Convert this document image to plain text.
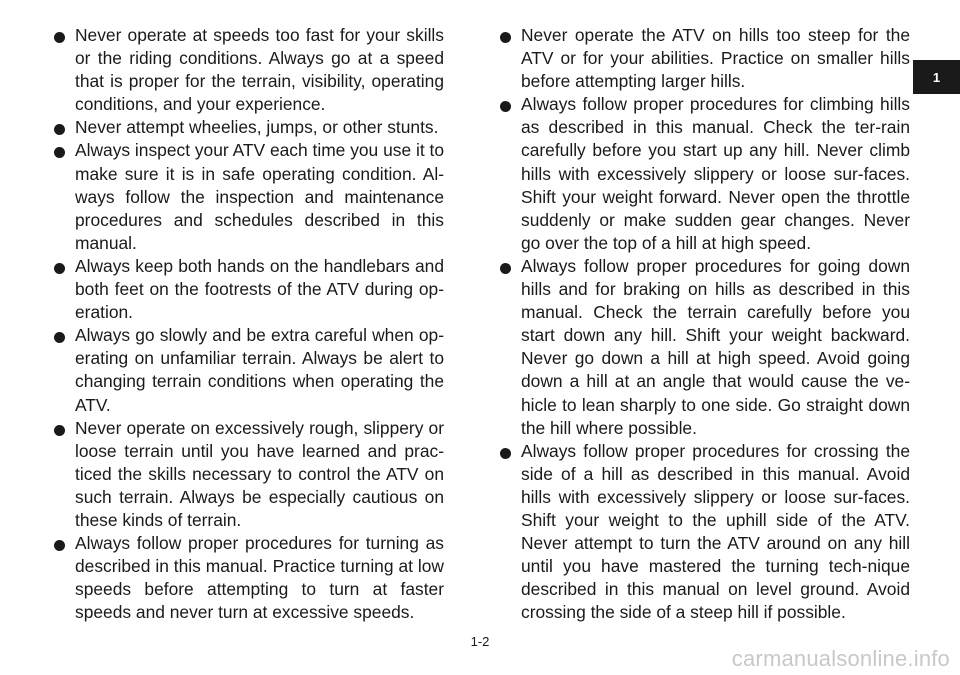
Never operate at speeds too fast for your skills or the riding conditions. Always go at a speed that is proper for the terrain, visibility, operating conditions, and your experience.
Never attempt wheelies, jumps, or other stunts.
Always inspect your ATV each time you use it to make sure it is in safe operating condition. Al-ways follow the inspection and maintenance procedures and schedules described in this manual.
Always keep both hands on the handlebars and both feet on the footrests of the ATV during op-eration.
Always go slowly and be extra careful when op-erating on unfamiliar terrain. Always be alert to changing terrain conditions when operating the ATV.
Never operate on excessively rough, slippery or loose terrain until you have learned and prac-ticed the skills necessary to control the ATV on such terrain. Always be especially cautious on these kinds of terrain.
Always follow proper procedures for turning as described in this manual. Practice turning at low speeds before attempting to turn at faster speeds and never turn at excessive speeds.
Never operate the ATV on hills too steep for the ATV or for your abilities. Practice on smaller hills before attempting larger hills.
Always follow proper procedures for climbing hills as described in this manual. Check the ter-rain carefully before you start up any hill. Never climb hills with excessively slippery or loose sur-faces. Shift your weight forward. Never open the throttle suddenly or make sudden gear changes. Never go over the top of a hill at high speed.
Always follow proper procedures for going down hills and for braking on hills as described in this manual. Check the terrain carefully before you start down any hill. Shift your weight backward. Never go down a hill at high speed. Avoid going down a hill at an angle that would cause the ve-hicle to lean sharply to one side. Go straight down the hill where possible.
Always follow proper procedures for crossing the side of a hill as described in this manual. Avoid hills with excessively slippery or loose sur-faces. Shift your weight to the uphill side of the ATV. Never attempt to turn the ATV around on any hill until you have mastered the turning tech-nique described in this manual on level ground. Avoid crossing the side of a steep hill if possible.
1
1-2
carmanualsonline.info
